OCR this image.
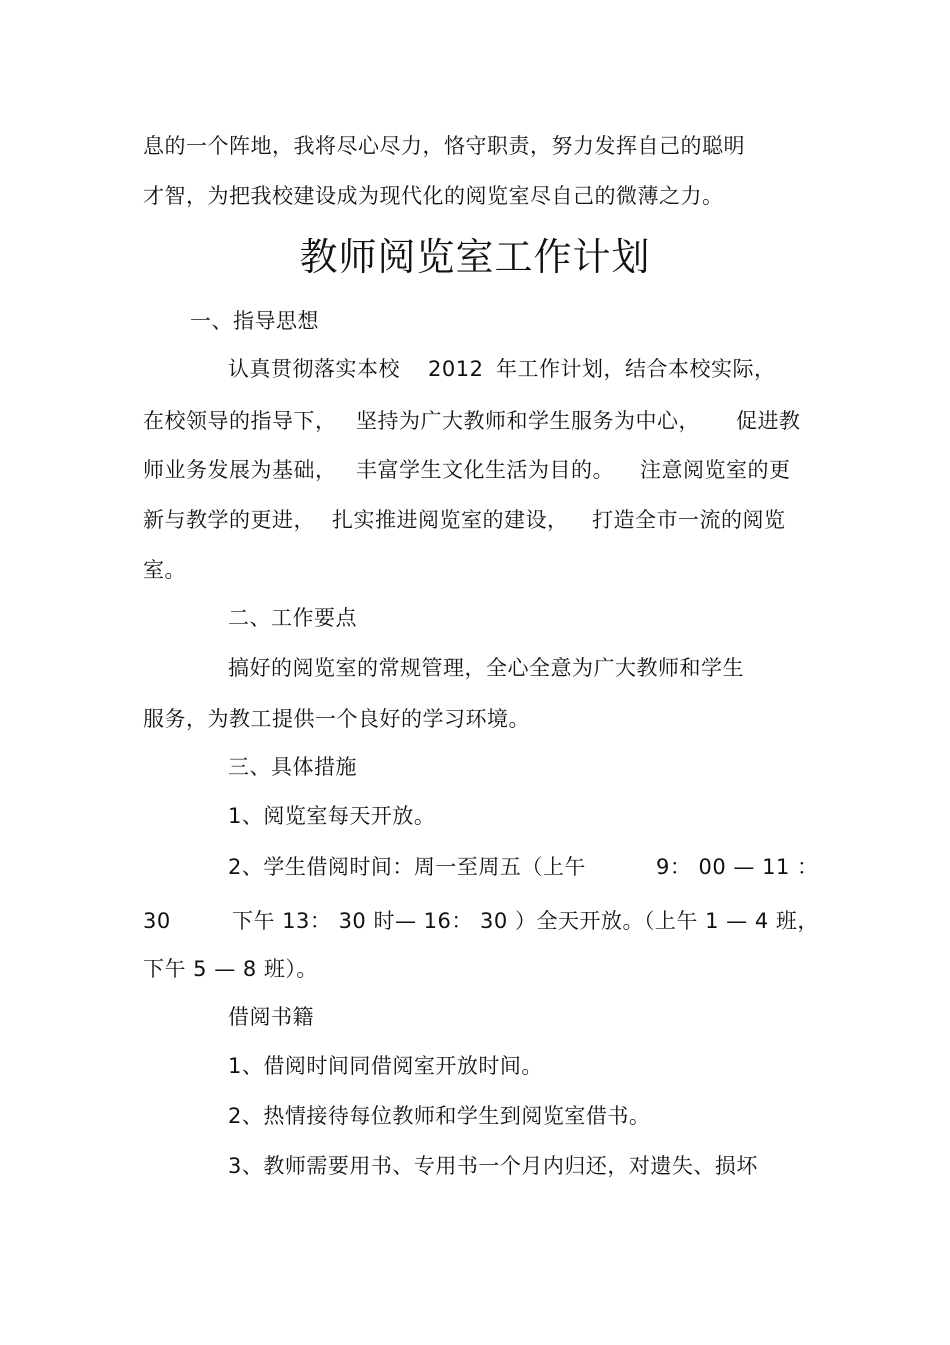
息的一个阵地，我将尽心尽力，恪守职责，努力发挥自己的聪明
才智，为把我校建设成为现代化的阅览室尽自己的微薄之力。
教师阅览室工作计划
一、指导思想
认真贯彻落实本校 2012 年工作计划，结合本校实际，
在校领导的指导下， 坚持为广大教师和学生服务为中心， 促进教
师业务发展为基础， 丰富学生文化生活为目的。 注意阅览室的更
新与教学的更进， 扎实推进阅览室的建设， 打造全市一流的阅览
室。
二、工作要点
搞好的阅览室的常规管理，全心全意为广大教师和学生
服务，为教工提供一个良好的学习环境。
三、具体措施
1、阅览室每天开放。
2、学生借阅时间：周一至周五（上午	9： 00 — 11 ：
30	下午 13： 30 时— 16： 30 ）全天开放。（上午 1 — 4 班，
下午 5 — 8 班）。
借阅书籍
1、借阅时间同借阅室开放时间。
2、热情接待每位教师和学生到阅览室借书。
3、教师需要用书、专用书一个月内归还，对遗失、损坏
